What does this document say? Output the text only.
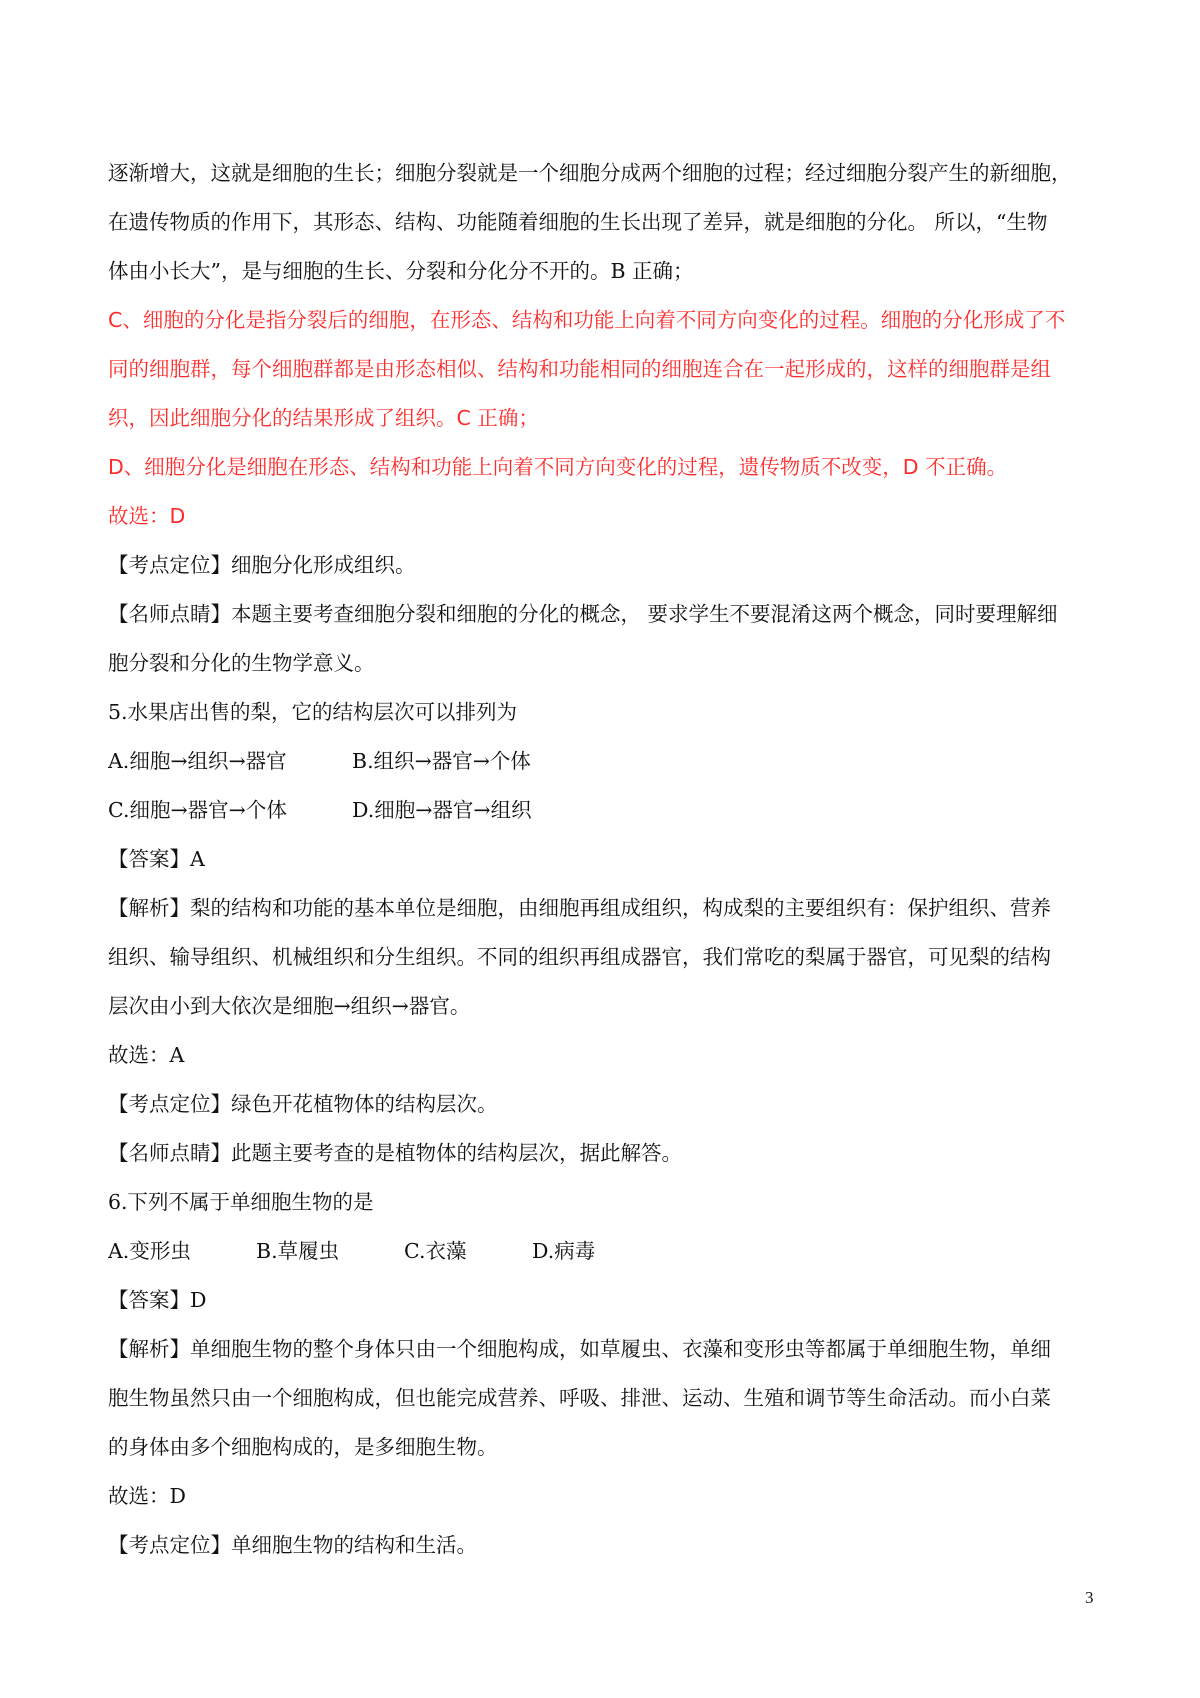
逐渐增大，这就是细胞的生长；细胞分裂就是一个细胞分成两个细胞的过程；经过细胞分裂产生的新细胞，
在遗传物质的作用下，其形态、结构、功能随着细胞的生长出现了差异，就是细胞的分化。 所以，“生物
体由小长大”，是与细胞的生长、分裂和分化分不开的。B 正确；
C、细胞的分化是指分裂后的细胞，在形态、结构和功能上向着不同方向变化的过程。细胞的分化形成了不
同的细胞群，每个细胞群都是由形态相似、结构和功能相同的细胞连合在一起形成的，这样的细胞群是组
织，因此细胞分化的结果形成了组织。C 正确；
D、细胞分化是细胞在形态、结构和功能上向着不同方向变化的过程，遗传物质不改变，D 不正确。
故选：D
【考点定位】细胞分化形成组织。
【名师点睛】本题主要考查细胞分裂和细胞的分化的概念， 要求学生不要混淆这两个概念，同时要理解细
胞分裂和分化的生物学意义。
5.水果店出售的梨，它的结构层次可以排列为
A.细胞→组织→器官	B.组织→器官→个体
C.细胞→器官→个体	D.细胞→器官→组织
【答案】A
【解析】梨的结构和功能的基本单位是细胞，由细胞再组成组织，构成梨的主要组织有：保护组织、营养
组织、输导组织、机械组织和分生组织。不同的组织再组成器官，我们常吃的梨属于器官，可见梨的结构
层次由小到大依次是细胞→组织→器官。
故选：A
【考点定位】绿色开花植物体的结构层次。
【名师点睛】此题主要考查的是植物体的结构层次，据此解答。
6.下列不属于单细胞生物的是
A.变形虫	B.草履虫	C.衣藻	D.病毒
【答案】D
【解析】单细胞生物的整个身体只由一个细胞构成，如草履虫、衣藻和变形虫等都属于单细胞生物，单细
胞生物虽然只由一个细胞构成，但也能完成营养、呼吸、排泄、运动、生殖和调节等生命活动。而小白菜
的身体由多个细胞构成的，是多细胞生物。
故选：D
【考点定位】单细胞生物的结构和生活。
3
